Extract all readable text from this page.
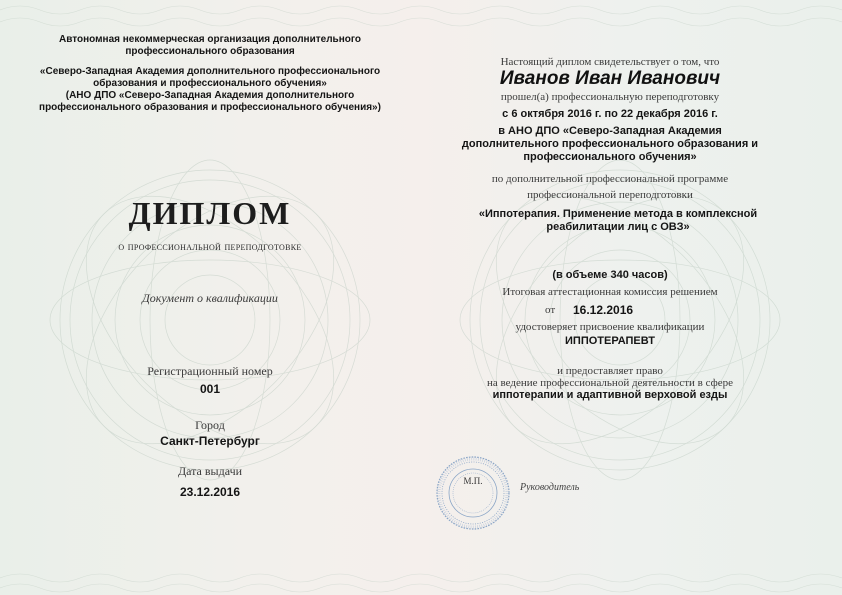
Автономная некоммерческая организация дополнительного профессионального образования

«Северо-Западная Академия дополнительного профессионального образования и профессионального обучения»

(АНО ДПО «Северо-Западная Академия дополнительного профессионального образования и профессионального обучения»)

ДИПЛОМ

о профессиональной переподготовке

Документ о квалификации

Регистрационный номер

001

Город

Санкт-Петербург

Дата выдачи

23.12.2016

Настоящий диплом свидетельствует о том, что

Иванов Иван Иванович

прошел(а) профессиональную переподготовку

с 6 октября 2016 г. по 22 декабря 2016 г.

в АНО ДПО «Северо-Западная Академия дополнительного профессионального образования и профессионального обучения»

по дополнительной профессиональной программе

профессиональной переподготовки

«Иппотерапия. Применение метода в комплексной реабилитации лиц с ОВЗ»

(в объеме 340 часов)

Итоговая аттестационная комиссия решением

от 16.12.2016

удостоверяет присвоение квалификации

ИППОТЕРАПЕВТ

и предоставляет право

на ведение профессиональной деятельности в сфере

иппотерапии и адаптивной верховой езды

М.П.
Руководитель
